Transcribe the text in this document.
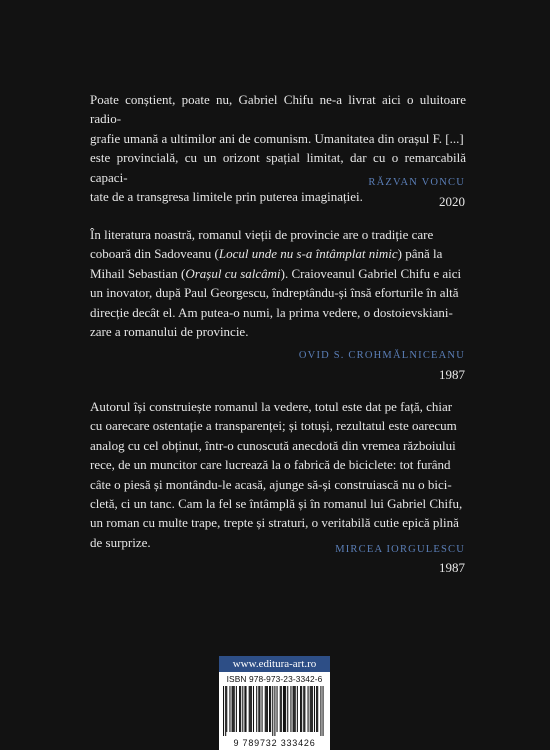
Poate conștient, poate nu, Gabriel Chifu ne-a livrat aici o uluitoare radio-
grafie umană a ultimilor ani de comunism. Umanitatea din orașul F. [...]
este provincială, cu un orizont spațial limitat, dar cu o remarcabilă capaci-
tate de a transgresa limitele prin puterea imaginației.
RĂZVAN VONCU
2020
În literatura noastră, romanul vieții de provincie are o tradiție care
coboară din Sadoveanu (Locul unde nu s-a întâmplat nimic) până la
Mihail Sebastian (Orașul cu salcâmi). Craioveanul Gabriel Chifu e aici
un inovator, după Paul Georgescu, îndreptându-și însă eforturile în altă
direcție decât el. Am putea-o numi, la prima vedere, o dostoievskiani-
zare a romanului de provincie.
OVID S. CROHMĂLNICEANU
1987
Autorul își construiește romanul la vedere, totul este dat pe față, chiar
cu oarecare ostentație a transparenței; și totuși, rezultatul este oarecum
analog cu cel obținut, într-o cunoscută anecdotă din vremea războiului
rece, de un muncitor care lucrează la o fabrică de biciclete: tot furând
câte o piesă și montându-le acasă, ajunge să-și construiască nu o bici-
cletă, ci un tanc. Cam la fel se întâmplă și în romanul lui Gabriel Chifu,
un roman cu multe trape, trepte și straturi, o veritabilă cutie epică plină
de surprize.	MIRCEA IORGULESCU
1987
www.editura-art.ro
ISBN 978-973-23-3342-6
9 789732 333426
